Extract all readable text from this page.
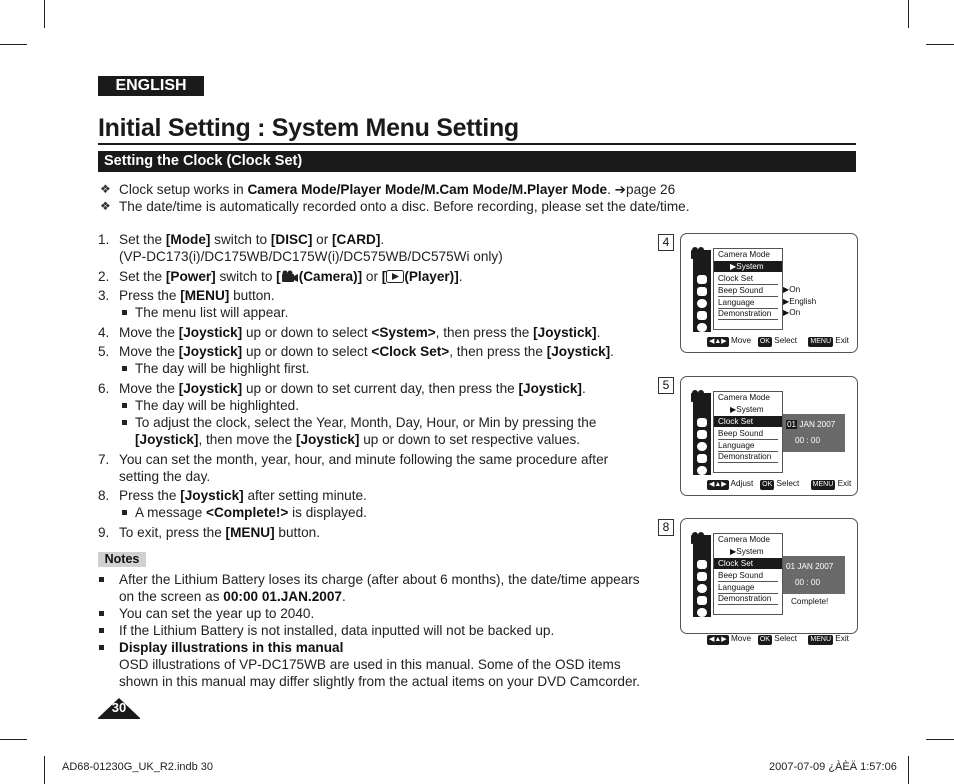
ENGLISH
Initial Setting : System Menu Setting
Setting the Clock (Clock Set)
❖ Clock setup works in Camera Mode/Player Mode/M.Cam Mode/M.Player Mode. ➔page 26
❖ The date/time is automatically recorded onto a disc. Before recording, please set the date/time.
1. Set the [Mode] switch to [DISC] or [CARD].
(VP-DC173(i)/DC175WB/DC175W(i)/DC575WB/DC575Wi only)
2. Set the [Power] switch to [ (Camera)] or [ (Player)].
3. Press the [MENU] button.
The menu list will appear.
4. Move the [Joystick] up or down to select <System>, then press the [Joystick].
5. Move the [Joystick] up or down to select <Clock Set>, then press the [Joystick].
The day will be highlight first.
6. Move the [Joystick] up or down to set current day, then press the [Joystick].
The day will be highlighted.
To adjust the clock, select the Year, Month, Day, Hour, or Min by pressing the
[Joystick], then move the [Joystick] up or down to set respective values.
7. You can set the month, year, hour, and minute following the same procedure after
setting the day.
8. Press the [Joystick] after setting minute.
A message <Complete!> is displayed.
9. To exit, press the [MENU] button.
Notes
After the Lithium Battery loses its charge (after about 6 months), the date/time appears
on the screen as 00:00 01.JAN.2007.
You can set the year up to 2040.
If the Lithium Battery is not installed, data inputted will not be backed up.
Display illustrations in this manual
OSD illustrations of VP-DC175WB are used in this manual. Some of the OSD items
shown in this manual may differ slightly from the actual items on your DVD Camcorder.
30
AD68-01230G_UK_R2.indb 30	2007-07-09 ¿ÀÈÄ 1:57:06
4
Camera Mode
▶System
Clock Set
Beep Sound
Language
Demonstration
▶On
▶English
▶On
◀▲▶ Move OK Select MENU Exit
5
Camera Mode
▶System
Clock Set
Beep Sound
Language
Demonstration
01 JAN 2007
00 : 00
◀▲▶ Adjust OK Select MENU Exit
8
Camera Mode
▶System
Clock Set
Beep Sound
Language
Demonstration
01 JAN 2007
00 : 00
Complete!
◀▲▶ Move OK Select MENU Exit
